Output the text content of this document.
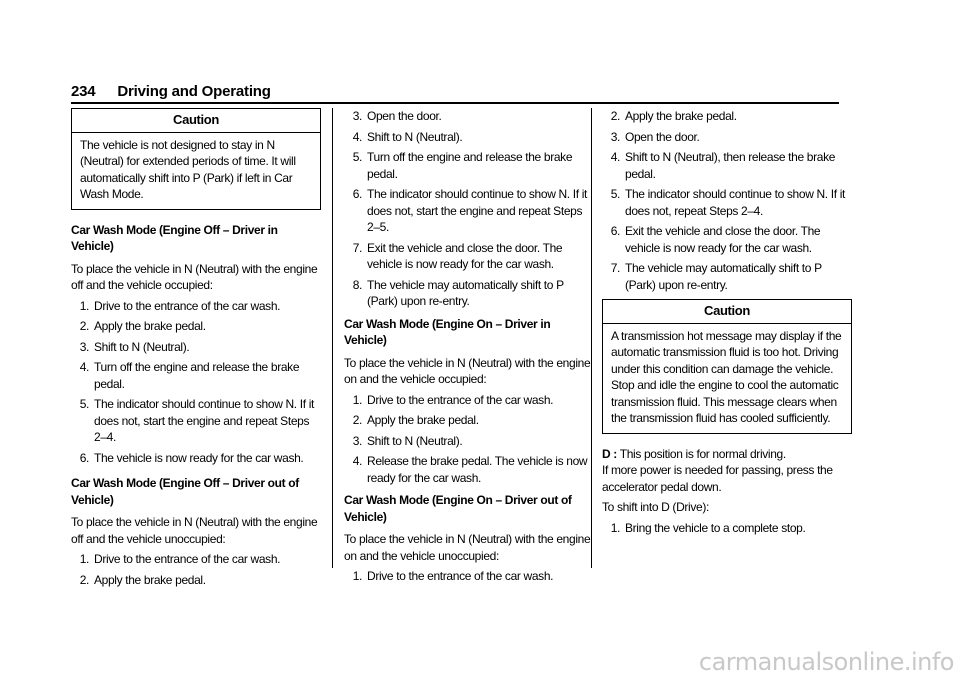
234 Driving and Operating
Caution
The vehicle is not designed to stay in N (Neutral) for extended periods of time. It will automatically shift into P (Park) if left in Car Wash Mode.
Car Wash Mode (Engine Off – Driver in Vehicle)
To place the vehicle in N (Neutral) with the engine off and the vehicle occupied:
1. Drive to the entrance of the car wash.
2. Apply the brake pedal.
3. Shift to N (Neutral).
4. Turn off the engine and release the brake pedal.
5. The indicator should continue to show N. If it does not, start the engine and repeat Steps 2–4.
6. The vehicle is now ready for the car wash.
Car Wash Mode (Engine Off – Driver out of Vehicle)
To place the vehicle in N (Neutral) with the engine off and the vehicle unoccupied:
1. Drive to the entrance of the car wash.
2. Apply the brake pedal.
3. Open the door.
4. Shift to N (Neutral).
5. Turn off the engine and release the brake pedal.
6. The indicator should continue to show N. If it does not, start the engine and repeat Steps 2–5.
7. Exit the vehicle and close the door. The vehicle is now ready for the car wash.
8. The vehicle may automatically shift to P (Park) upon re-entry.
Car Wash Mode (Engine On – Driver in Vehicle)
To place the vehicle in N (Neutral) with the engine on and the vehicle occupied:
1. Drive to the entrance of the car wash.
2. Apply the brake pedal.
3. Shift to N (Neutral).
4. Release the brake pedal. The vehicle is now ready for the car wash.
Car Wash Mode (Engine On – Driver out of Vehicle)
To place the vehicle in N (Neutral) with the engine on and the vehicle unoccupied:
1. Drive to the entrance of the car wash.
2. Apply the brake pedal.
3. Open the door.
4. Shift to N (Neutral), then release the brake pedal.
5. The indicator should continue to show N. If it does not, repeat Steps 2–4.
6. Exit the vehicle and close the door. The vehicle is now ready for the car wash.
7. The vehicle may automatically shift to P (Park) upon re-entry.
Caution
A transmission hot message may display if the automatic transmission fluid is too hot. Driving under this condition can damage the vehicle. Stop and idle the engine to cool the automatic transmission fluid. This message clears when the transmission fluid has cooled sufficiently.
D : This position is for normal driving.
If more power is needed for passing, press the accelerator pedal down.
To shift into D (Drive):
1. Bring the vehicle to a complete stop.
carmanualsonline.info
